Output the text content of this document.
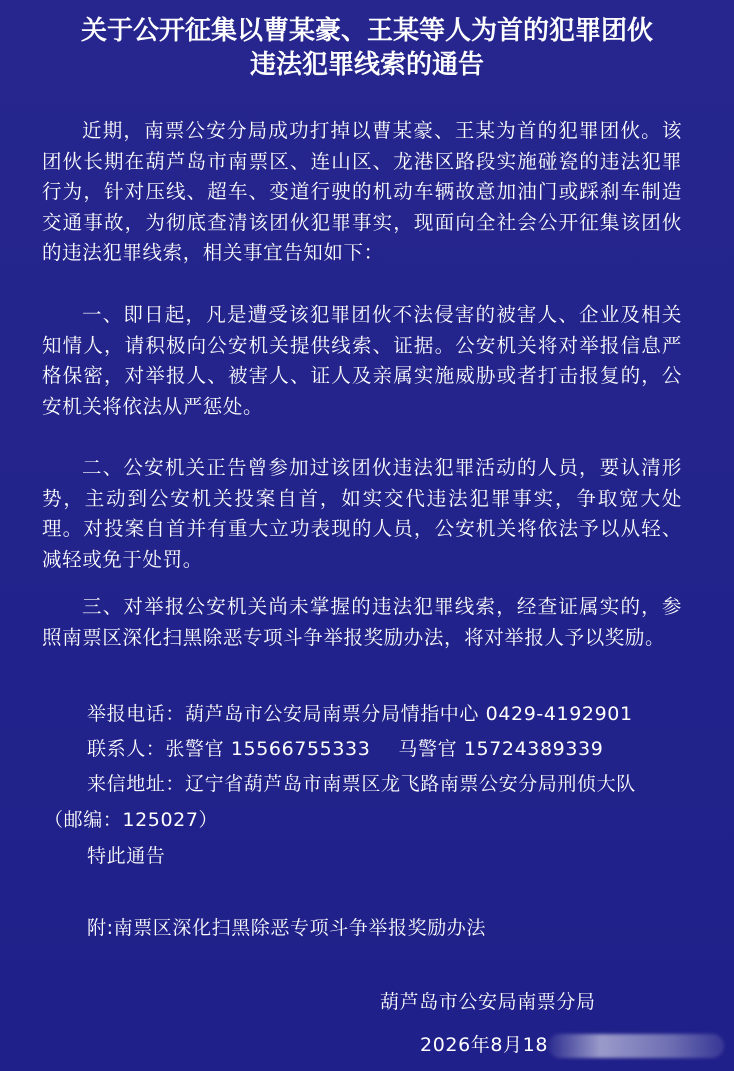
关于公开征集以曹某豪、王某等人为首的犯罪团伙
违法犯罪线索的通告
近期，南票公安分局成功打掉以曹某豪、王某为首的犯罪团伙。该团伙长期在葫芦岛市南票区、连山区、龙港区路段实施碰瓷的违法犯罪行为，针对压线、超车、变道行驶的机动车辆故意加油门或踩刹车制造交通事故，为彻底查清该团伙犯罪事实，现面向全社会公开征集该团伙的违法犯罪线索，相关事宜告知如下：
一、即日起，凡是遭受该犯罪团伙不法侵害的被害人、企业及相关知情人，请积极向公安机关提供线索、证据。公安机关将对举报信息严格保密，对举报人、被害人、证人及亲属实施威胁或者打击报复的，公安机关将依法从严惩处。
二、公安机关正告曾参加过该团伙违法犯罪活动的人员，要认清形势，主动到公安机关投案自首，如实交代违法犯罪事实，争取宽大处理。对投案自首并有重大立功表现的人员，公安机关将依法予以从轻、减轻或免于处罚。
三、对举报公安机关尚未掌握的违法犯罪线索，经查证属实的，参照南票区深化扫黑除恶专项斗争举报奖励办法，将对举报人予以奖励。
举报电话：葫芦岛市公安局南票分局情指中心 0429-4192901
联系人：张警官 15566755333 马警官 15724389339
来信地址：辽宁省葫芦岛市南票区龙飞路南票公安分局刑侦大队
（邮编：125027）
特此通告
附:南票区深化扫黑除恶专项斗争举报奖励办法
葫芦岛市公安局南票分局
2026年8月18
